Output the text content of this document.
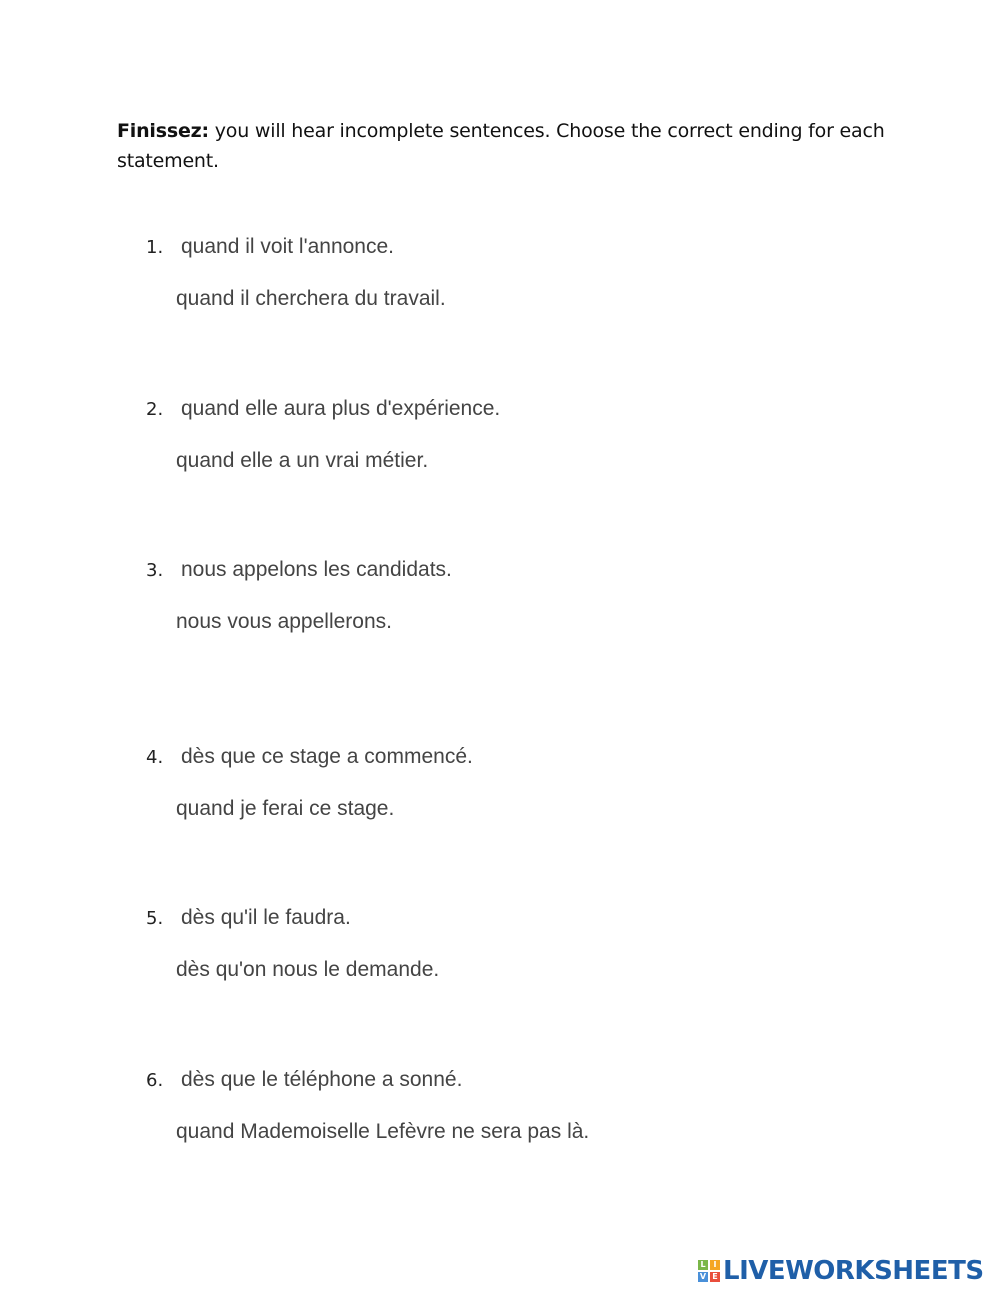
Finissez: you will hear incomplete sentences. Choose the correct ending for each statement.
1. quand il voit l'annonce.
quand il cherchera du travail.
2. quand elle aura plus d'expérience.
quand elle a un vrai métier.
3. nous appelons les candidats.
nous vous appellerons.
4. dès que ce stage a commencé.
quand je ferai ce stage.
5. dès qu'il le faudra.
dès qu'on nous le demande.
6. dès que le téléphone a sonné.
quand Mademoiselle Lefèvre ne sera pas là.
L I
V E LIVEWORKSHEETS
